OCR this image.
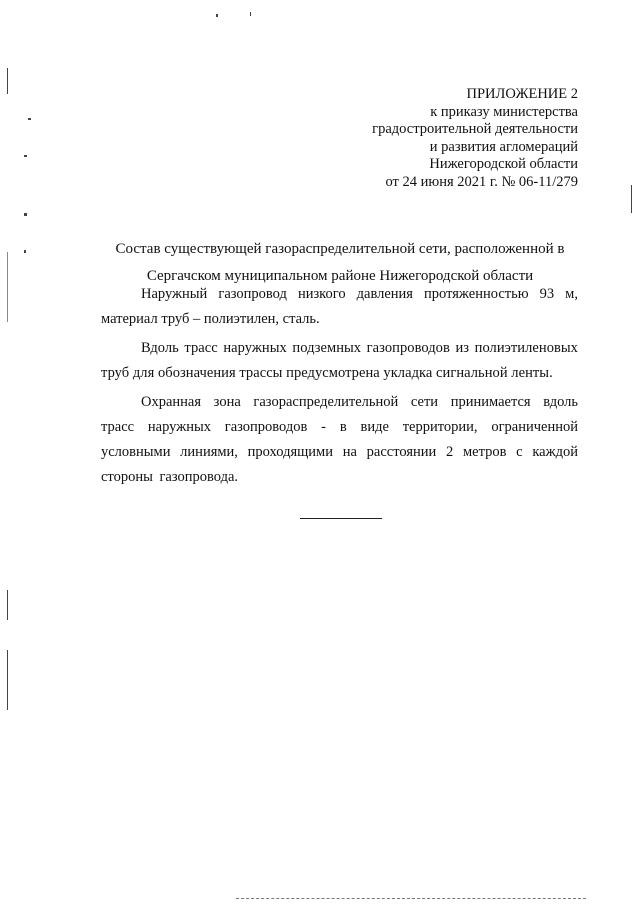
ПРИЛОЖЕНИЕ 2
к приказу министерства
градостроительной деятельности
и развития агломераций
Нижегородской области
от 24 июня 2021 г. № 06-11/279
Состав существующей газораспределительной сети, расположенной в
Сергачском муниципальном районе Нижегородской области

Наружный газопровод низкого давления протяженностью 93 м, материал труб – полиэтилен, сталь.

Вдоль трасс наружных подземных газопроводов из полиэтиленовых труб для обозначения трассы предусмотрена укладка сигнальной ленты.

Охранная зона газораспределительной сети принимается вдоль трасс наружных газопроводов - в виде территории, ограниченной условными линиями, проходящими на расстоянии 2 метров с каждой стороны газопровода.
